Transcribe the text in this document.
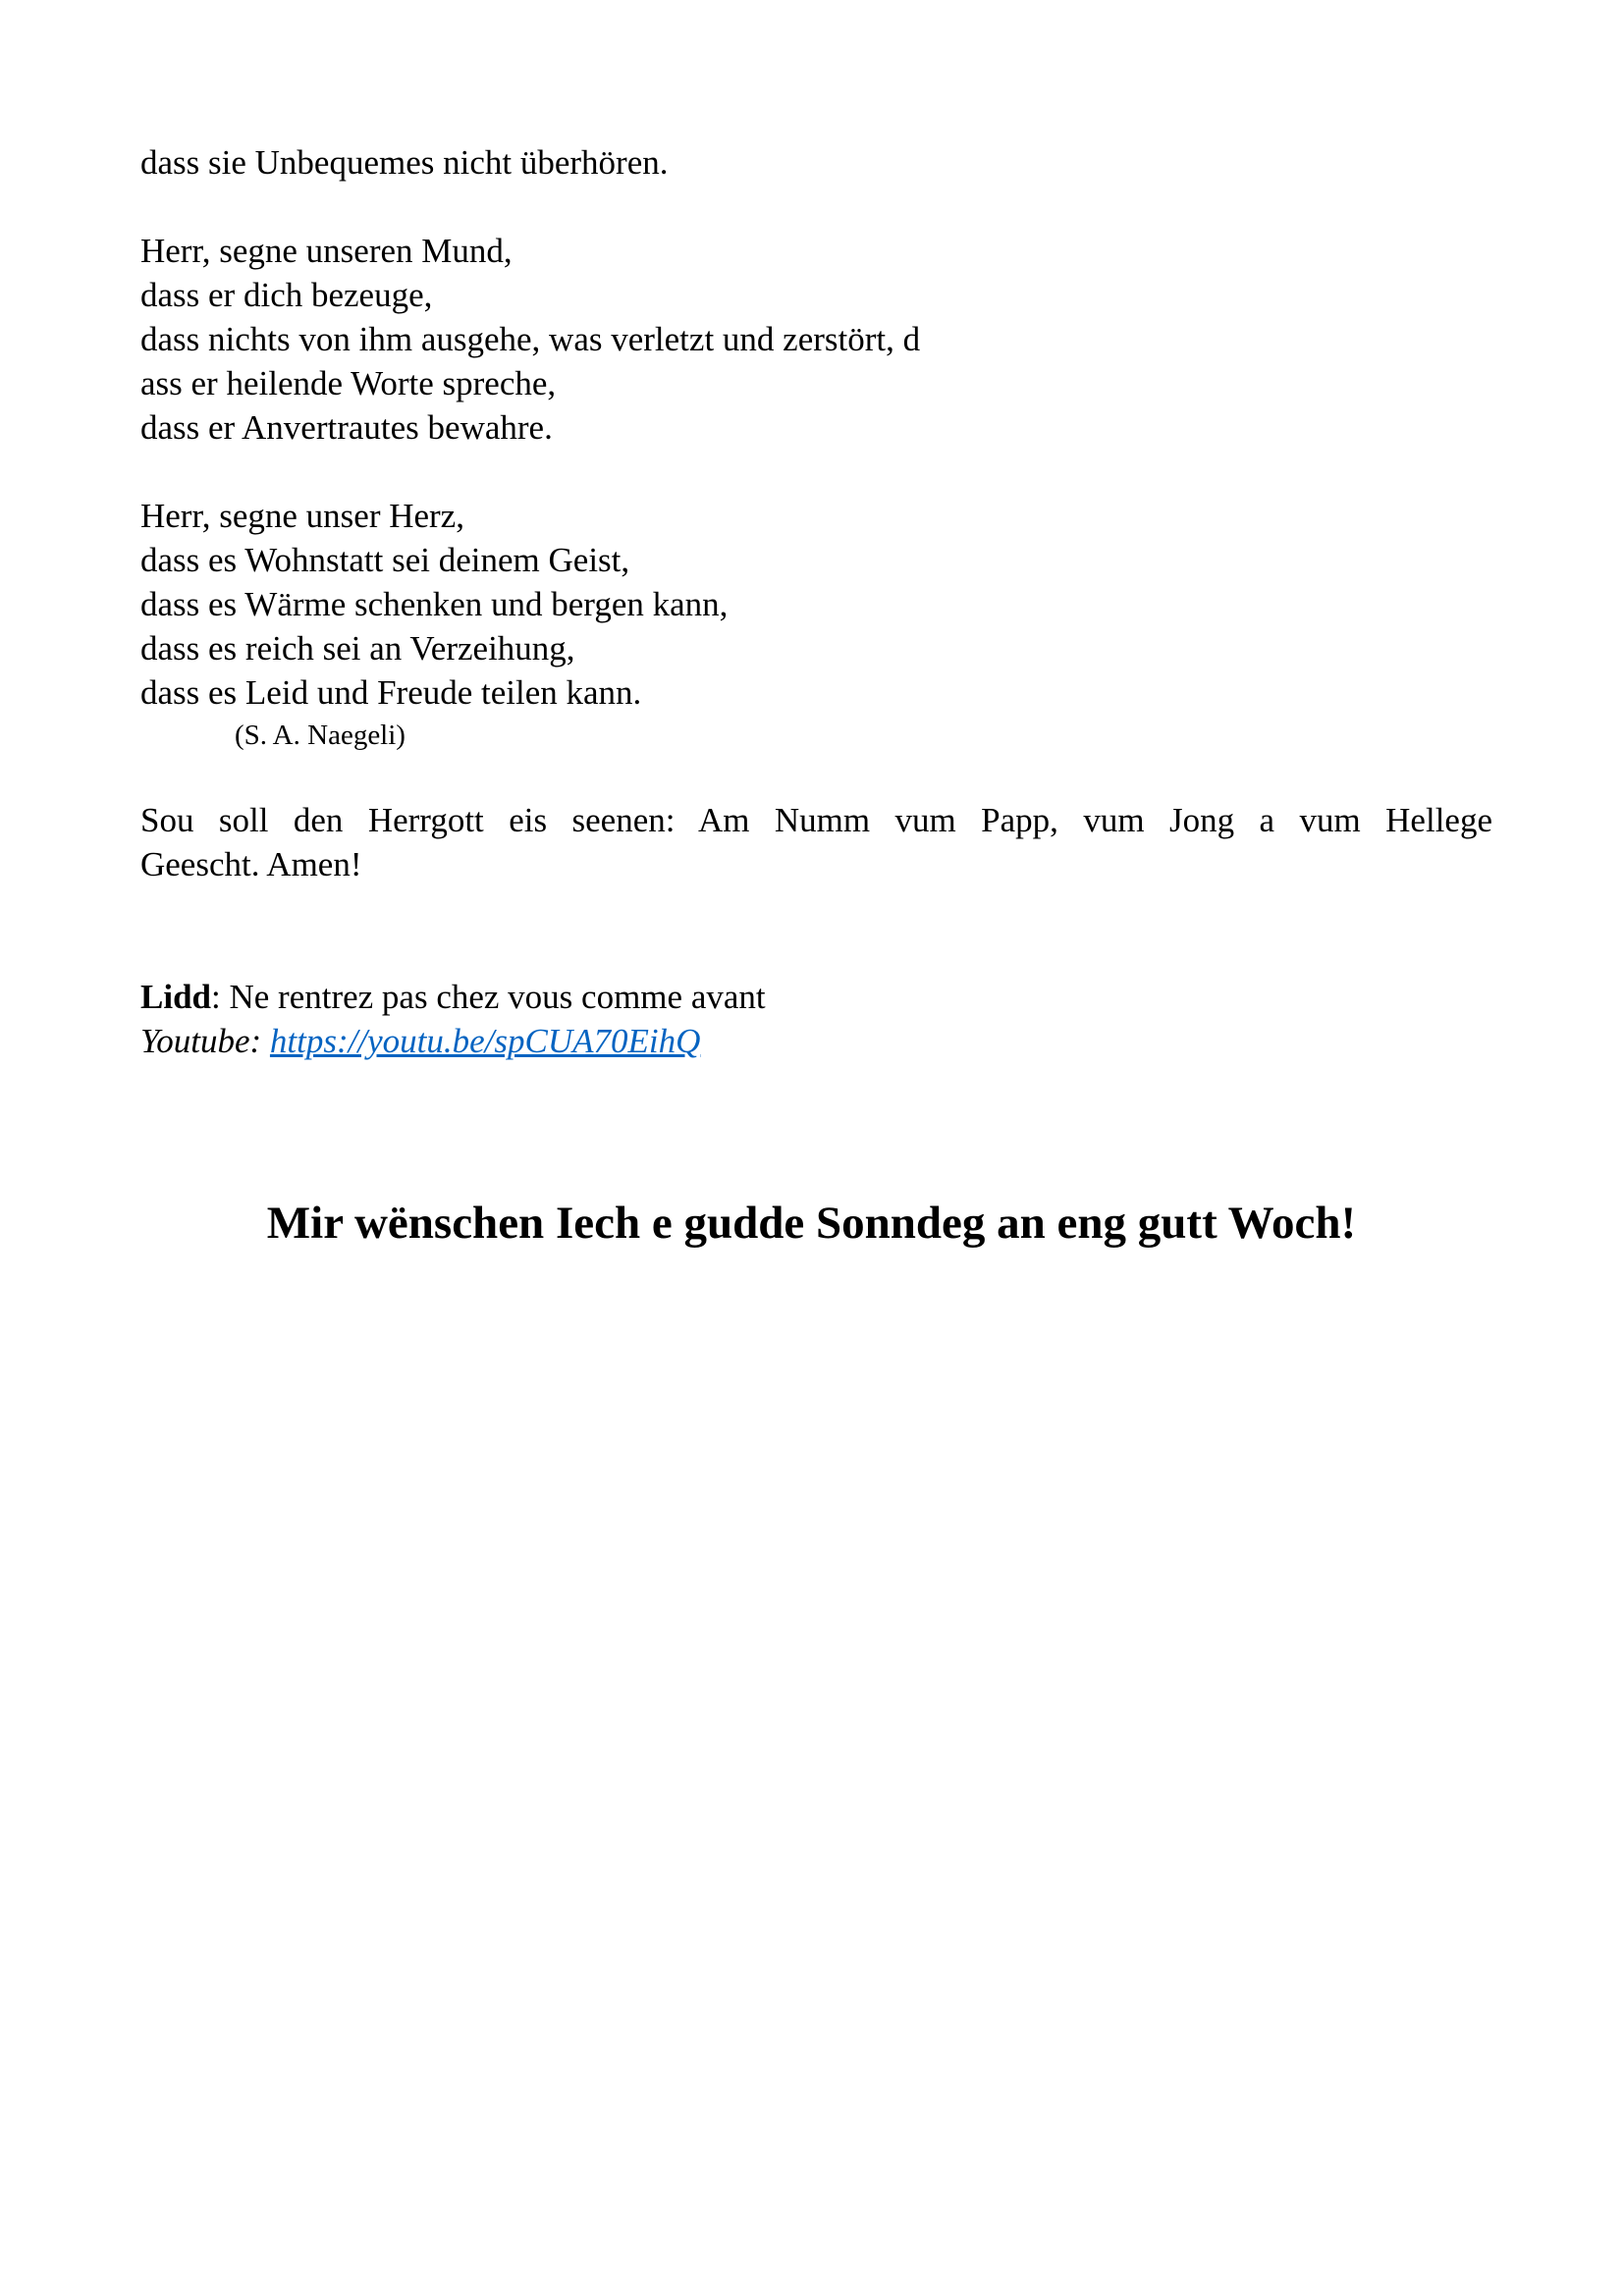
dass sie Unbequemes nicht überhören.
Herr, segne unseren Mund,
dass er dich bezeuge,
dass nichts von ihm ausgehe, was verletzt und zerstört, d
ass er heilende Worte spreche,
dass er Anvertrautes bewahre.
Herr, segne unser Herz,
dass es Wohnstatt sei deinem Geist,
dass es Wärme schenken und bergen kann,
dass es reich sei an Verzeihung,
dass es Leid und Freude teilen kann.
(S. A. Naegeli)
Sou soll den Herrgott eis seenen: Am Numm vum Papp, vum Jong a vum Hellege
Geescht. Amen!
Lidd: Ne rentrez pas chez vous comme avant
Youtube: https://youtu.be/spCUA70EihQ
Mir wënschen Iech e gudde Sonndeg an eng gutt Woch!
